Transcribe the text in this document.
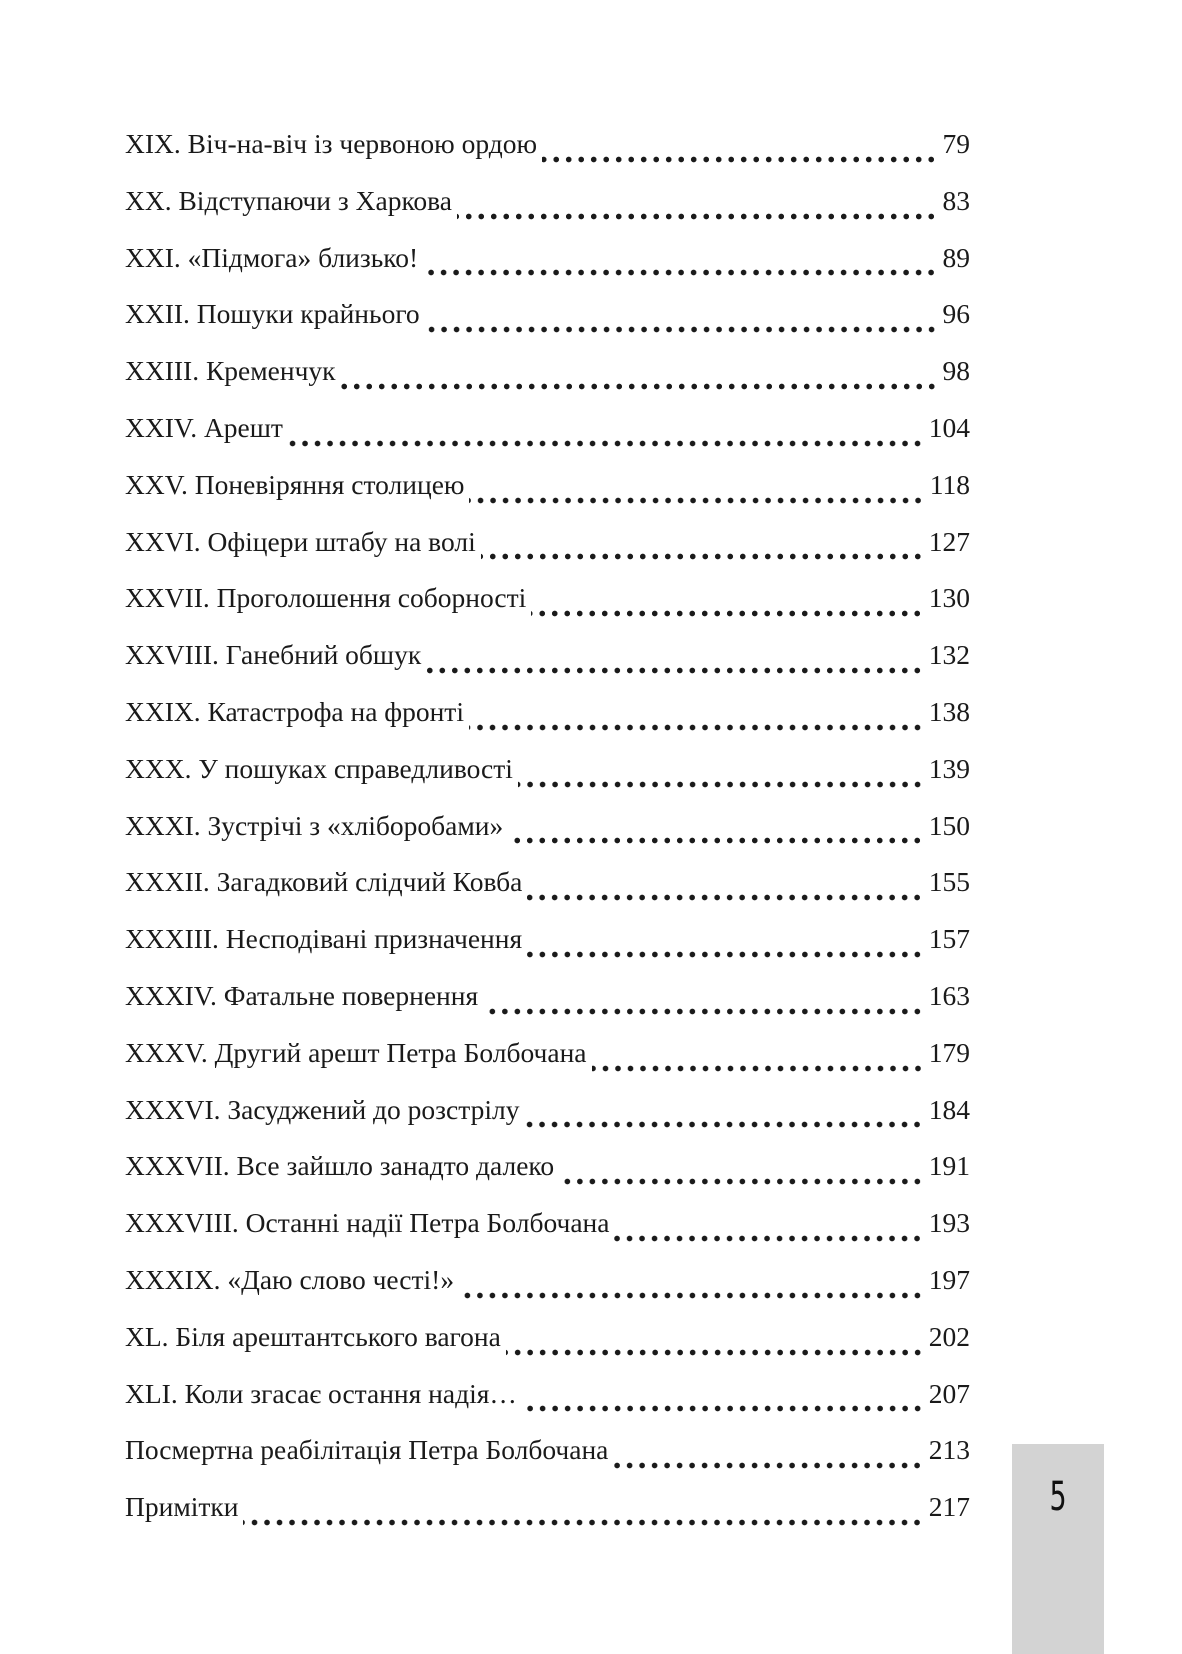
XIX. Віч-на-віч із червоною ордою	79
XX. Відступаючи з Харкова	83
XXI. «Підмога» близько!	89
XXII. Пошуки крайнього	96
XXIII. Кременчук	98
XXIV. Арешт	104
XXV. Поневіряння столицею	118
XXVI. Офіцери штабу на волі	127
XXVII. Проголошення соборності	130
XXVIII. Ганебний обшук	132
XXIX. Катастрофа на фронті	138
XXX. У пошуках справедливості	139
XXXI. Зустрічі з «хліборобами»	150
XXXII. Загадковий слідчий Ковба	155
XXXIII. Несподівані призначення	157
XXXIV. Фатальне повернення	163
XXXV. Другий арешт Петра Болбочана	179
XXXVI. Засуджений до розстрілу	184
XXXVII. Все зайшло занадто далеко	191
XXXVIII. Останні надії Петра Болбочана	193
XXXIX. «Даю слово честі!»	197
XL. Біля арештантського вагона	202
XLI. Коли згасає остання надія…	207
Посмертна реабілітація Петра Болбочана	213
Примітки	217	5
